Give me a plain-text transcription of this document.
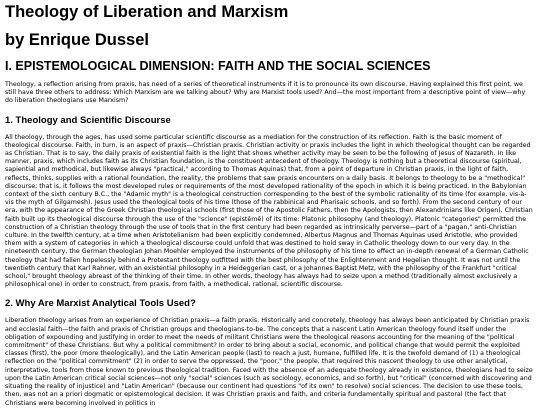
Theology of Liberation and Marxism
by Enrique Dussel
I. EPISTEMOLOGICAL DIMENSION: FAITH AND THE SOCIAL SCIENCES

Theology, a reflection arising from praxis, has need of a series of theoretical instruments if it is to pronounce its own discourse. Having explained this first point, we still have three others to address: Which Marxism are we talking about? Why are Marxist tools used? And—the most important from a descriptive point of view—why do liberation theologians use Marxism?

1. Theology and Scientific Discourse

All theology, through the ages, has used some particular scientific discourse as a mediation for the construction of its reflection. Faith is the basic moment of theological discourse. Faith, in turn, is an aspect of praxis—Christian praxis. Christian activity or praxis includes the light in which theological thought can be regarded as Christian. That is to say, the daily praxis of existential faith is the light that shows whether activity may be seen to be the following of Jesus of Nazareth. In like manner, praxis, which includes faith as its Christian foundation, is the constituent antecedent of theology. Theology is nothing but a theoretical discourse (spiritual, sapiential and methodical, but likewise always "practical," according to Thomas Aquinas) that, from a point of departure in Christian praxis, in the light of faith, reflects, thinks, supplies with a rational foundation, the reality, the problems that saw praxis encounters on a daily basis. It belongs to theology to be a "methodical" discourse; that is, it follows the most developed rules or requirements of the most developed rationality of the epoch in which it is being practiced. In the Babylonian context of the sixth century B.C., the "Adamic myth" is a theological construction corresponding to the best of the symbolic rationality of its time (for example, vis-à-vis the myth of Gilgamesh). Jesus used the theological tools of his time (those of the rabbinical and Pharisaic schools, and so forth). From the second century of our era, with the appearance of the Greek Christian theological schools (first those of the Apostolic Fathers, then the Apologists, then Alexandrinians like Origen), Christian faith built up its theological discourse through the use of the "science" (epistēmē) of its time: Platonic philosophy (and theology). Platonic "categories" permitted the construction of a Christian theology through the use of tools that in the first century had been regarded as intrinsically perverse—part of a "pagan," anti-Christian culture. In the twelfth century, at a time when Aristotelianism had been explicitly condemned, Albertus Magnus and Thomas Aquinas used Aristotle, who provided them with a system of categories in which a theological discourse could unfold that was destined to hold sway in Catholic theology down to our very day. In the nineteenth century, the German theologian Johan Moehler employed the instruments of the philosophy of his time to effect an in-depth renewal of a German Catholic theology that had fallen hopelessly behind a Protestant theology outfitted with the best philosophy of the Enlightenment and Hegelian thought. It was not until the twentieth century that Karl Rahner, with an existential philosophy in a Heideggerian cast, or a Johannes Baptist Metz, with the philosophy of the Frankfurt "critical school," brought theology abreast of the thinking of their time. In other words, theology has always had to seize upon a method (traditionally almost exclusively a philosophical one) in order to construct, from praxis, from faith, a methodical, rational, scientific discourse.

2. Why Are Marxist Analytical Tools Used?

Liberation theology arises from an experience of Christian praxis—a faith praxis. Historically and concretely, theology has always been anticipated by Christian praxis and ecclesial faith—the faith and praxis of Christian groups and theologians-to-be. The concepts that a nascent Latin American theology found itself under the obligation of expounding and justifying in order to meet the needs of militant Christians were the theological reasons accounting for the meaning of the "political commitment" of these Christians. But why a political commitment? In order to bring about a social, economic, and political change that would permit the exploited classes (first), the poor (more theologically), and the Latin American people (last) to reach a just, humane, fulfilled life. It is the twofold demand of (1) a theological reflection on the "political commitment" (2) in order to serve the oppressed, the "poor," the people, that required this nascent theology to use other analytical, interpretative, tools from those known to previous theological tradition. Faced with the absence of an adequate theology already in existence, theologians had to seize upon the Latin American critical social sciences—not only "social" sciences (such as sociology, economics, and so forth), but "critical" (concerned with discovering and situating the reality of injustice) and "Latin American" (because our continent had questions "of its own" to resolve) social sciences. The decision to use these tools, then, was not an a priori dogmatic or epistemological decision. It was Christian praxis and faith, and criteria fundamentally spiritual and pastoral (the fact that Christians were becoming involved in politics in
